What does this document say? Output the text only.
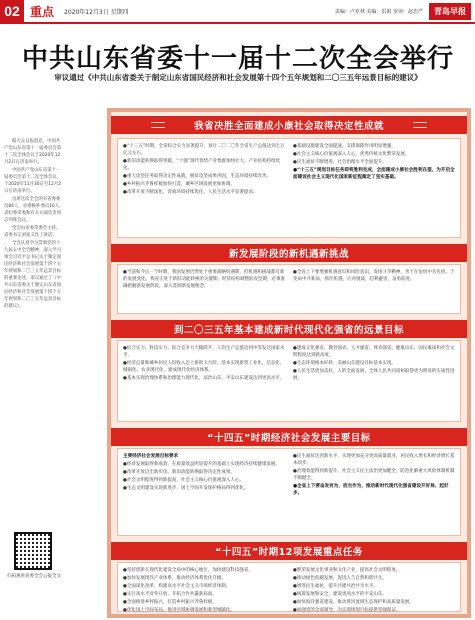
02 重点 2020年12月3日 星期四	责编：卢亚林 美编：雷娟 审读：赵忠严	青岛早报
中共山东省委十一届十二次全会举行
审议通过《中共山东省委关于制定山东省国民经济和社会发展第十四个五年规划和二〇三五年远景目标的建议》

据大众日报消息，中国共产党山东省第十一届委员会第十二次全体会议于2020年12月2日在济南举行。

中国共产党山东省第十一届委员会第十二次全体会议，于2020年11月30日至12月2日在济南举行。

出席这次全会的有省委委员84人，省委候补委员10人。省纪委常委和有关方面负责同志列席会议。

全会由省委常委会主持。省委书记刘家义作了讲话。

全会认真学习贯彻党的十九届五中全会精神，深入学习领会习近平总书记关于制定国民经济和社会发展第十四个五年规划和二〇三五年远景目标的重要论述，审议通过了《中共山东省委关于制定山东省国民经济和社会发展第十四个五年规划和二〇三五年远景目标的建议》。

扫码观看省委全会公报全文
我省决胜全面建成小康社会取得决定性成就

●“十三五”时期，全省综合实力显著提升，预计二〇二〇年全省生产总值达到七万亿元左右。

●新旧动能转换取得突破，“十强”现代优势产业集群加快壮大，产业结构持续优化。

●重大攻坚任务取得决定性成就，脱贫攻坚成果巩固，生态环境持续改善。

●乡村振兴齐鲁样板加快打造，城乡区域发展更加协调。

●改革开放不断深化，营商环境持续优化，人民生活水平显著提高。

●基础设施建设全面提速，支撑保障作用明显增强。

●社会主义核心价值观深入人心，优秀传统文化繁荣发展。

●民生福祉不断增进，社会治理水平全面提升。

●“十三五”规划目标任务即将胜利完成，全面建成小康社会胜利在望，为开启全面建设社会主义现代化国家新征程奠定了坚实基础。

新发展阶段的新机遇新挑战

●当前和今后一个时期，我国发展仍然处于重要战略机遇期，但机遇和挑战都有新的发展变化。我省正处于新旧动能转换的关键期、经济结构调整的攻坚期，必须准确把握新发展阶段，深入贯彻新发展理念。

●全省上下要增强机遇意识和风险意识，发扬斗争精神，善于在危机中育先机、于变局中开新局，抓住机遇，应对挑战，趋利避害，奋勇前进。

到二〇三五年基本建成新时代现代化强省的远景目标

●综合实力、科技实力、综合竞争力大幅跃升，人均生产总值达到中等发达国家水平。

●经济总量和城乡居民人均收入迈上新的大台阶，基本实现新型工业化、信息化、城镇化、农业现代化，建成现代化经济体系。

●基本实现治理体系和治理能力现代化，法治山东、平安山东建设达到更高水平。

●建成文化强省、教育强省、人才强省、体育强省、健康山东，国民素质和社会文明程度达到新高度。

●生态环境根本好转，美丽山东建设目标基本实现。

●人民生活更加美好，人的全面发展、全体人民共同富裕取得更为明显的实质性进展。

“十四五”时期经济社会发展主要目标

主要经济社会发展目标要求

●经济发展取得新成效，在质量效益明显提升的基础上实现经济持续健康发展。

●改革开放迈出新步伐，新旧动能转换取得决定性成果。

●社会文明程度得到新提高，社会主义核心价值观深入人心。

●生态文明建设实现新进步，国土空间开发保护格局得到优化。

●民生福祉达到新水平，实现更加充分更高质量就业，居民收入增长和经济增长基本同步。

●治理效能得到新提升，社会主义民主法治更加健全，防范化解重大风险体制机制不断健全。

●全省上下要奋发有为、担当作为，推动新时代现代化强省建设开好局、起好步。

“十四五”时期12项发展重点任务

●坚持创新在现代化建设全局中的核心地位，加快建设科技强省。

●加快发展现代产业体系，推动经济体系优化升级。

●全面深化改革，构建高水平社会主义市场经济体制。

●实行高水平对外开放，开拓合作共赢新局面。

●全面推进乡村振兴，打造乡村振兴齐鲁样板。

●优化国土空间布局，推进区域协调发展和新型城镇化。

●繁荣发展文化事业和文化产业，提高社会文明程度。

●推动绿色低碳发展，促进人与自然和谐共生。

●增进民生福祉，提升共建共治共享水平。

●统筹发展和安全，建设更高水平的平安山东。

●加快海洋强省建设，推动黄河流域生态保护和高质量发展。

●加强党的全面领导，为实现规划目标提供坚强保证。
